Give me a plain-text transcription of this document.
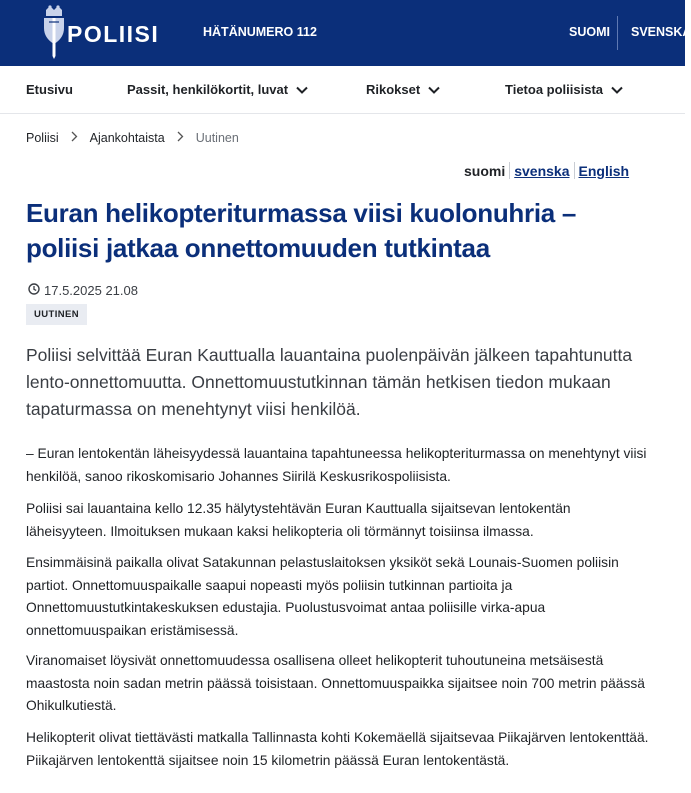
POLIISI	HÄTÄNUMERO 112	SUOMI SVENSKA
Etusivu	Passit, henkilökortit, luvat	Rikokset	Tietoa poliisista
Poliisi Ajankohtaista Uutinen
suomi svenska English
Euran helikopteriturmassa viisi kuolonuhria – poliisi jatkaa onnettomuuden tutkintaa
17.5.2025 21.08
UUTINEN

Poliisi selvittää Euran Kauttualla lauantaina puolenpäivän jälkeen tapahtunutta lento-onnettomuutta. Onnettomuustutkinnan tämän hetkisen tiedon mukaan tapaturmassa on menehtynyt viisi henkilöä.

– Euran lentokentän läheisyydessä lauantaina tapahtuneessa helikopteriturmassa on menehtynyt viisi henkilöä, sanoo rikoskomisario Johannes Siirilä Keskusrikospoliisista.

Poliisi sai lauantaina kello 12.35 hälytystehtävän Euran Kauttualla sijaitsevan lentokentän läheisyyteen. Ilmoituksen mukaan kaksi helikopteria oli törmännyt toisiinsa ilmassa.

Ensimmäisinä paikalla olivat Satakunnan pelastuslaitoksen yksiköt sekä Lounais-Suomen poliisin partiot. Onnettomuuspaikalle saapui nopeasti myös poliisin tutkinnan partioita ja Onnettomuustutkintakeskuksen edustajia. Puolustusvoimat antaa poliisille virka-apua onnettomuuspaikan eristämisessä.

Viranomaiset löysivät onnettomuudessa osallisena olleet helikopterit tuhoutuneina metsäisestä maastosta noin sadan metrin päässä toisistaan. Onnettomuuspaikka sijaitsee noin 700 metrin päässä Ohikulkutiestä.

Helikopterit olivat tiettävästi matkalla Tallinnasta kohti Kokemäellä sijaitsevaa Piikajärven lentokenttää. Piikajärven lentokenttä sijaitsee noin 15 kilometrin päässä Euran lentokentästä.
